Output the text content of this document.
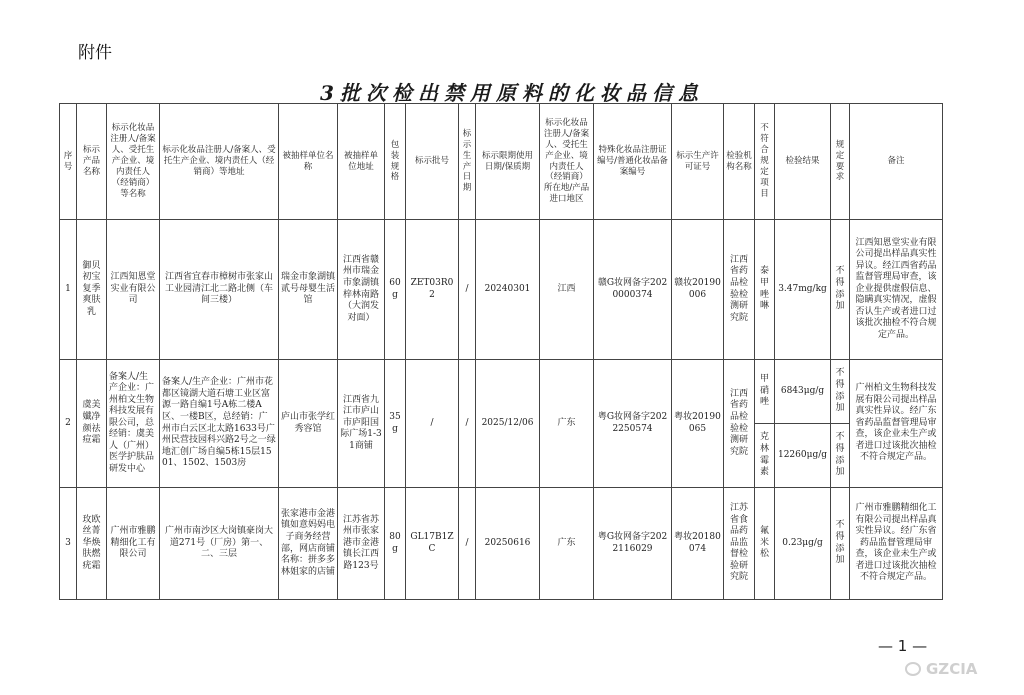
附件
3批次检出禁用原料的化妆品信息
序号	标示产品名称	标示化妆品注册人/备案人、受托生产企业、境内责任人（经销商）等名称	标示化妆品注册人/备案人、受托生产企业、境内责任人（经销商）等地址	被抽样单位名称	被抽样单位地址	包装规格	标示批号	标示生产日期	标示限期使用日期/保质期	标示化妆品注册人/备案人、受托生产企业、境内责任人（经销商）所在地/产品进口地区	特殊化妆品注册证编号/普通化妆品备案编号	标示生产许可证号	检验机构名称	不符合规定项目	检验结果	规定要求	备注
1	御贝初宝复季爽肤乳	江西知恩堂实业有限公司	江西省宜春市樟树市张家山工业园清江北二路北侧（车间三楼）	瑞金市象湖镇贰号母婴生活馆	江西省赣州市瑞金市象湖镇梓林南路（大润发对面）	60g	ZET03R02	/	20240301	江西	赣G妆网备字2020000374	赣妆20190006	江西省药品检验检测研究院	泰甲唑啉	3.47mg/kg	不得添加	江西知恩堂实业有限公司提出样品真实性异议。经江西省药品监督管理局审查，该企业提供虚假信息、隐瞒真实情况，虚假否认生产或者进口过该批次抽检不符合规定产品。
2	虞美孅净颜祛痘霜	备案人/生产企业：广州柏文生物科技发展有限公司，总经销：虞美人（广州）医学护肤品研发中心	备案人/生产企业：广州市花都区镜湖大道石塘工业区富源一路自编1号A栋二楼A区、一楼B区，总经销：广州市白云区北太路1633号广州民营技园科兴路2号之一绿地汇创广场自编5栋15层1501、1502、1503房	庐山市张学红秀容馆	江西省九江市庐山市庐阳国际广场1-31商铺	35g	/	/	2025/12/06	广东	粤G妆网备字2022250574	粤妆20190065	江西省药品检验检测研究院	甲硝唑	6843μg/g	不得添加	广州柏文生物科技发展有限公司提出样品真实性异议。经广东省药品监督管理局审查，该企业未生产或者进口过该批次抽检不符合规定产品。
														克林霉素	12260μg/g	不得添加	
3	玫欧丝菁华焕肤燃疣霜	广州市雅鹏精细化工有限公司	广州市南沙区大岗镇豪岗大道271号（厂房）第一、二、三层	张家港市金港镇如意妈妈电子商务经营部，网店商铺名称：拼多多林姐家的店铺	江苏省苏州市张家港市金港镇长江西路123号	80g	GL17B1ZC	/	20250616	广东	粤G妆网备字2022116029	粤妆20180074	江苏省食品药品监督检验研究院	氟米松	0.23μg/g	不得添加	广州市雅鹏精细化工有限公司提出样品真实性异议。经广东省药品监督管理局审查，该企业未生产或者进口过该批次抽检不符合规定产品。
— 1 —
GZCIA
